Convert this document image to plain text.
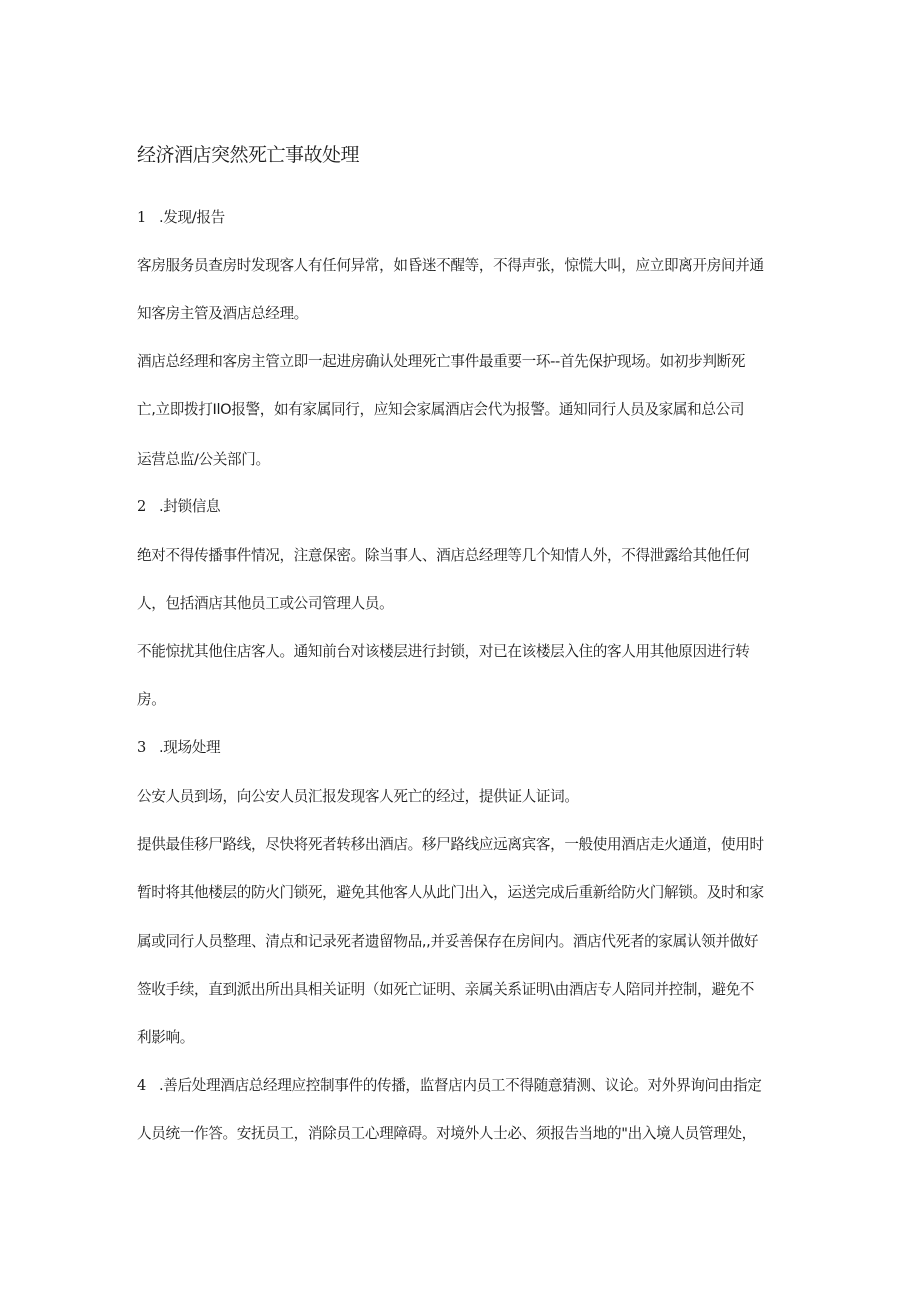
经济酒店突然死亡事故处理
1 .发现/报告
客房服务员查房时发现客人有任何异常，如昏迷不醒等，不得声张，惊慌大叫，应立即离开房间并通
知客房主管及酒店总经理。
酒店总经理和客房主管立即一起进房确认处理死亡事件最重要一环--首先保护现场。如初步判断死
亡,立即拨打IlO报警，如有家属同行，应知会家属酒店会代为报警。通知同行人员及家属和总公司
运营总监/公关部门。
2 .封锁信息
绝对不得传播事件情况，注意保密。除当事人、酒店总经理等几个知情人外，不得泄露给其他任何
人，包括酒店其他员工或公司管理人员。
不能惊扰其他住店客人。通知前台对该楼层进行封锁，对已在该楼层入住的客人用其他原因进行转
房。
3 .现场处理
公安人员到场，向公安人员汇报发现客人死亡的经过，提供证人证词。
提供最佳移尸路线，尽快将死者转移出酒店。移尸路线应远离宾客，一般使用酒店走火通道，使用时
暂时将其他楼层的防火门锁死，避免其他客人从此门出入，运送完成后重新给防火门解锁。及时和家
属或同行人员整理、清点和记录死者遗留物品,,并妥善保存在房间内。酒店代死者的家属认领并做好
签收手续，直到派出所出具相关证明（如死亡证明、亲属关系证明\由酒店专人陪同并控制，避免不
利影响。
4 .善后处理酒店总经理应控制事件的传播，监督店内员工不得随意猜测、议论。对外界询问由指定
人员统一作答。安抚员工，消除员工心理障碍。对境外人士必、须报告当地的"出入境人员管理处，
